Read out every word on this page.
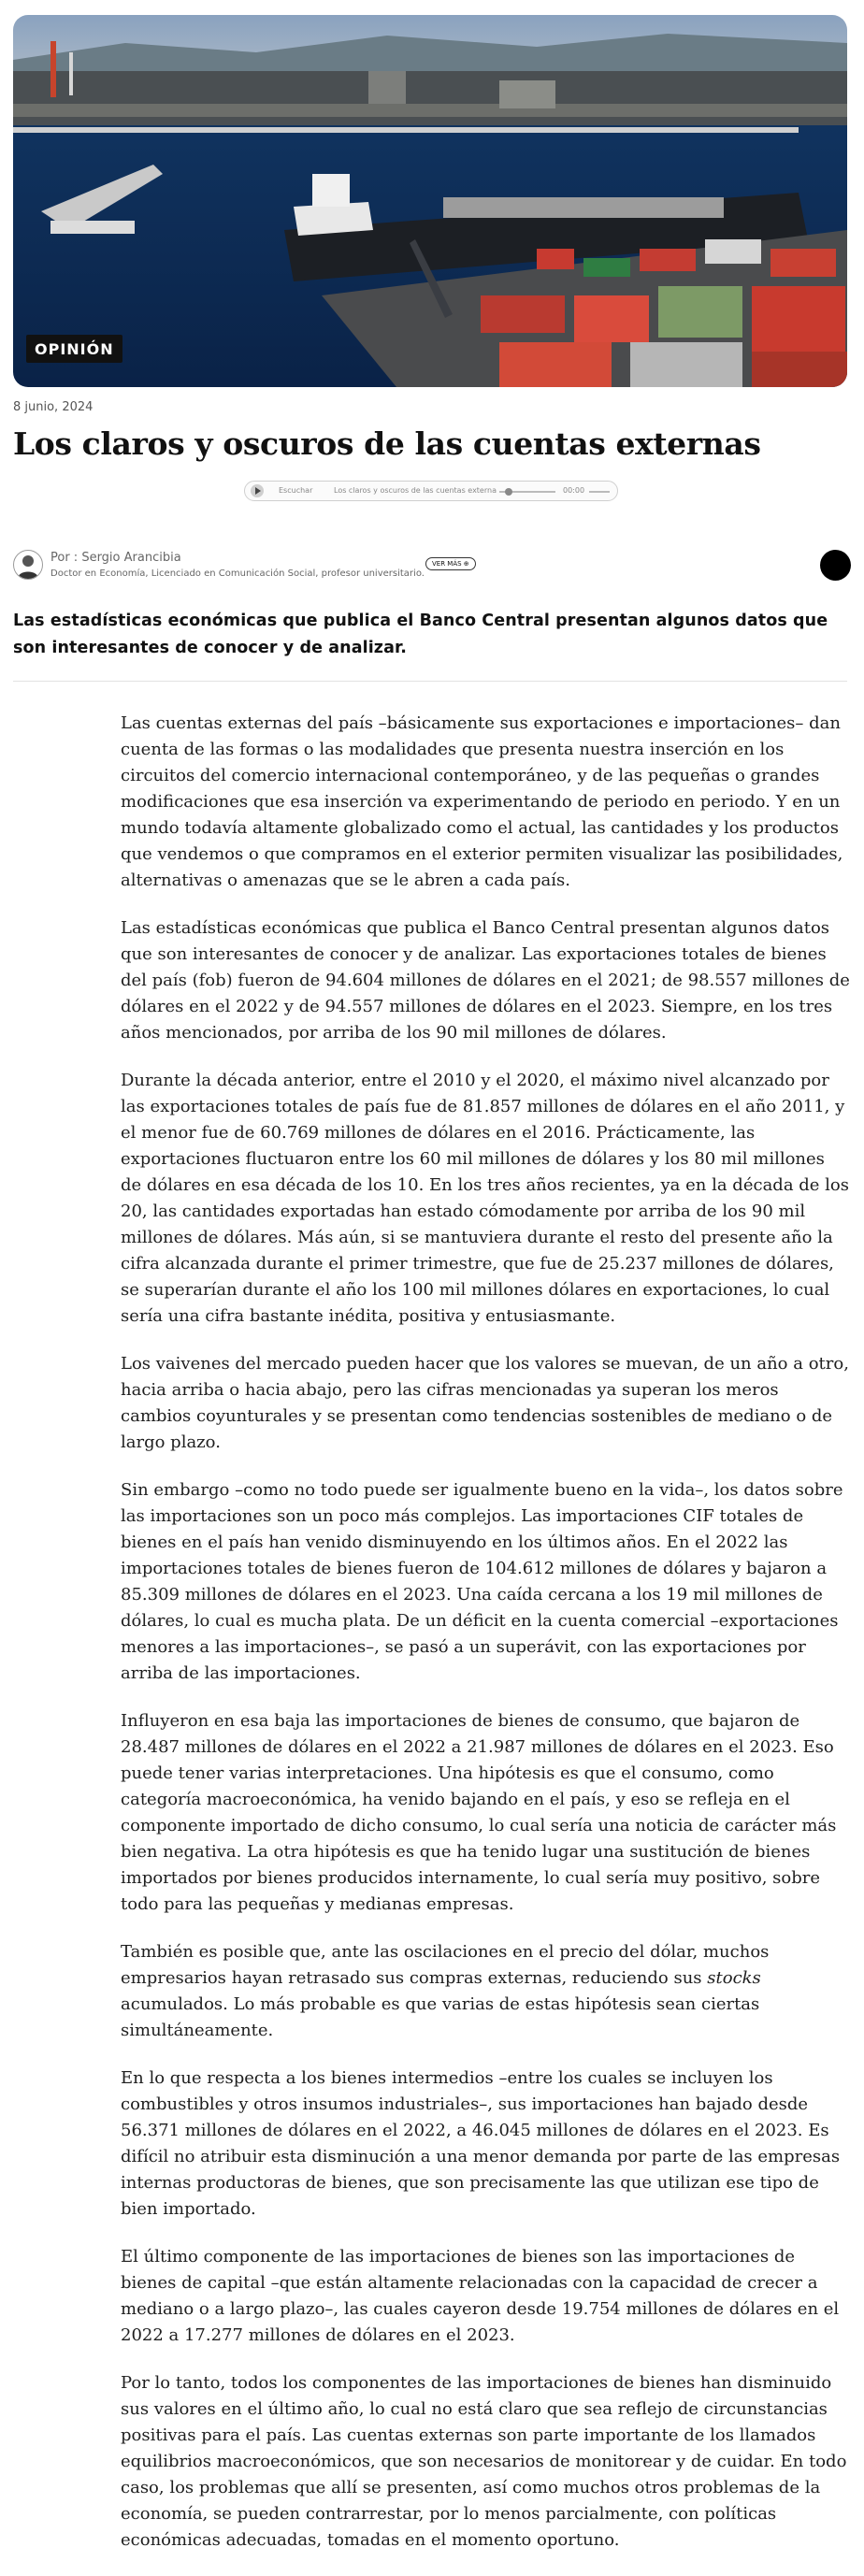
OPINIÓN
8 junio, 2024
Los claros y oscuros de las cuentas externas
Escuchar	Los claros y oscuros de las cuentas externa	00:00
Por : Sergio Arancibia
Doctor en Economía, Licenciado en Comunicación Social, profesor universitario.
VER MÁS ⊕

Las estadísticas económicas que publica el Banco Central presentan algunos datos que son interesantes de conocer y de analizar.

Las cuentas externas del país –básicamente sus exportaciones e importaciones– dan cuenta de las formas o las modalidades que presenta nuestra inserción en los circuitos del comercio internacional contemporáneo, y de las pequeñas o grandes modificaciones que esa inserción va experimentando de periodo en periodo. Y en un mundo todavía altamente globalizado como el actual, las cantidades y los productos que vendemos o que compramos en el exterior permiten visualizar las posibilidades, alternativas o amenazas que se le abren a cada país.

Las estadísticas económicas que publica el Banco Central presentan algunos datos que son interesantes de conocer y de analizar. Las exportaciones totales de bienes del país (fob) fueron de 94.604 millones de dólares en el 2021; de 98.557 millones de dólares en el 2022 y de 94.557 millones de dólares en el 2023. Siempre, en los tres años mencionados, por arriba de los 90 mil millones de dólares.

Durante la década anterior, entre el 2010 y el 2020, el máximo nivel alcanzado por las exportaciones totales de país fue de 81.857 millones de dólares en el año 2011, y el menor fue de 60.769 millones de dólares en el 2016. Prácticamente, las exportaciones fluctuaron entre los 60 mil millones de dólares y los 80 mil millones de dólares en esa década de los 10. En los tres años recientes, ya en la década de los 20, las cantidades exportadas han estado cómodamente por arriba de los 90 mil millones de dólares. Más aún, si se mantuviera durante el resto del presente año la cifra alcanzada durante el primer trimestre, que fue de 25.237 millones de dólares, se superarían durante el año los 100 mil millones dólares en exportaciones, lo cual sería una cifra bastante inédita, positiva y entusiasmante.

Los vaivenes del mercado pueden hacer que los valores se muevan, de un año a otro, hacia arriba o hacia abajo, pero las cifras mencionadas ya superan los meros cambios coyunturales y se presentan como tendencias sostenibles de mediano o de largo plazo.

Sin embargo –como no todo puede ser igualmente bueno en la vida–, los datos sobre las importaciones son un poco más complejos. Las importaciones CIF totales de bienes en el país han venido disminuyendo en los últimos años. En el 2022 las importaciones totales de bienes fueron de 104.612 millones de dólares y bajaron a 85.309 millones de dólares en el 2023. Una caída cercana a los 19 mil millones de dólares, lo cual es mucha plata. De un déficit en la cuenta comercial –exportaciones menores a las importaciones–, se pasó a un superávit, con las exportaciones por arriba de las importaciones.

Influyeron en esa baja las importaciones de bienes de consumo, que bajaron de 28.487 millones de dólares en el 2022 a 21.987 millones de dólares en el 2023. Eso puede tener varias interpretaciones. Una hipótesis es que el consumo, como categoría macroeconómica, ha venido bajando en el país, y eso se refleja en el componente importado de dicho consumo, lo cual sería una noticia de carácter más bien negativa. La otra hipótesis es que ha tenido lugar una sustitución de bienes importados por bienes producidos internamente, lo cual sería muy positivo, sobre todo para las pequeñas y medianas empresas.

También es posible que, ante las oscilaciones en el precio del dólar, muchos empresarios hayan retrasado sus compras externas, reduciendo sus stocks acumulados. Lo más probable es que varias de estas hipótesis sean ciertas simultáneamente.

En lo que respecta a los bienes intermedios –entre los cuales se incluyen los combustibles y otros insumos industriales–, sus importaciones han bajado desde 56.371 millones de dólares en el 2022, a 46.045 millones de dólares en el 2023. Es difícil no atribuir esta disminución a una menor demanda por parte de las empresas internas productoras de bienes, que son precisamente las que utilizan ese tipo de bien importado.

El último componente de las importaciones de bienes son las importaciones de bienes de capital –que están altamente relacionadas con la capacidad de crecer a mediano o a largo plazo–, las cuales cayeron desde 19.754 millones de dólares en el 2022 a 17.277 millones de dólares en el 2023.

Por lo tanto, todos los componentes de las importaciones de bienes han disminuido sus valores en el último año, lo cual no está claro que sea reflejo de circunstancias positivas para el país. Las cuentas externas son parte importante de los llamados equilibrios macroeconómicos, que son necesarios de monitorear y de cuidar. En todo caso, los problemas que allí se presenten, así como muchos otros problemas de la economía, se pueden contrarrestar, por lo menos parcialmente, con políticas económicas adecuadas, tomadas en el momento oportuno.
